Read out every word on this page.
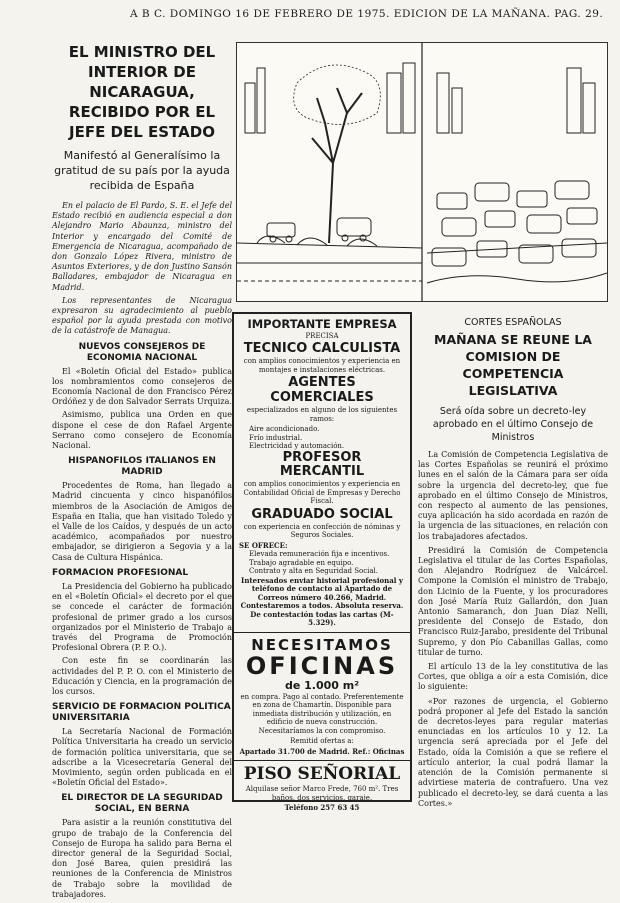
A B C. DOMINGO 16 DE FEBRERO DE 1975. EDICION DE LA MAÑANA. PAG. 29.
EL MINISTRO DEL INTERIOR DE NICARAGUA, RECIBIDO POR EL JEFE DEL ESTADO

Manifestó al Generalísimo la gratitud de su país por la ayuda recibida de España

En el palacio de El Pardo, S. E. el Jefe del Estado recibió en audiencia especial a don Alejandro Mario Abaunza, ministro del Interior y encargado del Comité de Emergencia de Nicaragua, acompañado de don Gonzalo López Rivera, ministro de Asuntos Exteriores, y de don Justino Sansón Balladares, embajador de Nicaragua en Madrid.

Los representantes de Nicaragua expresaron su agradecimiento al pueblo español por la ayuda prestada con motivo de la catástrofe de Managua.

NUEVOS CONSEJEROS DE ECONOMIA NACIONAL

El «Boletín Oficial del Estado» publica los nombramientos como consejeros de Economía Nacional de don Francisco Pérez Ordóñez y de don Salvador Serrats Urquiza.

Asimismo, publica una Orden en que dispone el cese de don Rafael Argente Serrano como consejero de Economía Nacional.

HISPANOFILOS ITALIANOS EN MADRID

Procedentes de Roma, han llegado a Madrid cincuenta y cinco hispanófilos miembros de la Asociación de Amigos de España en Italia, que han visitado Toledo y el Valle de los Caídos, y después de un acto académico, acompañados por nuestro embajador, se dirigieron a Segovia y a la Casa de Cultura Hispánica.

FORMACION PROFESIONAL

La Presidencia del Gobierno ha publicado en el «Boletín Oficial» el decreto por el que se concede el carácter de formación profesional de primer grado a los cursos organizados por el Ministerio de Trabajo a través del Programa de Promoción Profesional Obrera (P. P. O.).

Con este fin se coordinarán las actividades del P. P. O. con el Ministerio de Educación y Ciencia, en la programación de los cursos.

SERVICIO DE FORMACION POLITICA UNIVERSITARIA

La Secretaría Nacional de Formación Política Universitaria ha creado un servicio de formación política universitaria, que se adscribe a la Vicesecretaría General del Movimiento, según orden publicada en el «Boletín Oficial del Estado».

EL DIRECTOR DE LA SEGURIDAD SOCIAL, EN BERNA

Para asistir a la reunión constitutiva del grupo de trabajo de la Conferencia del Consejo de Europa ha salido para Berna el director general de la Seguridad Social, don José Barea, quien presidirá las reuniones de la Conferencia de Ministros de Trabajo sobre la movilidad de trabajadores.

IMPORTANTE EMPRESA

PRECISA

TECNICO CALCULISTA

con amplios conocimientos y experiencia en montajes e instalaciones eléctricas.

AGENTES COMERCIALES

especializados en alguno de los siguientes ramos:

Aire acondicionado.

Frío industrial.

Electricidad y automación.

PROFESOR MERCANTIL

con amplios conocimientos y experiencia en Contabilidad Oficial de Empresas y Derecho Fiscal.

GRADUADO SOCIAL

con experiencia en confección de nóminas y Seguros Sociales.

SE OFRECE:

Elevada remuneración fija e incentivos.

Trabajo agradable en equipo.

Contrato y alta en Seguridad Social.

Interesados enviar historial profesional y teléfono de contacto al Apartado de Correos número 40.266, Madrid. Contestaremos a todos. Absoluta reserva. De contestación todas las cartas (M-5.329).

NECESITAMOS

OFICINAS

de 1.000 m²

en compra. Pago al contado. Preferentemente en zona de Chamartín. Disponible para inmediata distribución y utilización, en edificio de nueva construcción. Necesitaríamos la con compromiso.

Remitid ofertas a:

Apartado 31.700 de Madrid. Ref.: Oficinas

PISO SEÑORIAL

Alquilase señor Marco Frede, 760 m². Tres baños, dos servicios, garaje.

Teléfono 257 63 45

CORTES ESPAÑOLAS

MAÑANA SE REUNE LA COMISION DE COMPETENCIA LEGISLATIVA

Será oída sobre un decreto-ley aprobado en el último Consejo de Ministros

La Comisión de Competencia Legislativa de las Cortes Españolas se reunirá el próximo lunes en el salón de la Cámara para ser oída sobre la urgencia del decreto-ley, que fue aprobado en el último Consejo de Ministros, con respecto al aumento de las pensiones, cuya aplicación ha sido acordada en razón de la urgencia de las situaciones, en relación con los trabajadores afectados.

Presidirá la Comisión de Competencia Legislativa el titular de las Cortes Españolas, don Alejandro Rodríguez de Valcárcel. Compone la Comisión el ministro de Trabajo, don Licinio de la Fuente, y los procuradores don José María Ruiz Gallardón, don Juan Antonio Samaranch, don Juan Díaz Nelli, presidente del Consejo de Estado, don Francisco Ruiz-Jarabo, presidente del Tribunal Supremo, y don Pío Cabanillas Gallas, como titular de turno.

El artículo 13 de la ley constitutiva de las Cortes, que obliga a oír a esta Comisión, dice lo siguiente:

«Por razones de urgencia, el Gobierno podrá proponer al Jefe del Estado la sanción de decretos-leyes para regular materias enunciadas en los artículos 10 y 12. La urgencia será apreciada por el Jefe del Estado, oída la Comisión a que se refiere el artículo anterior, la cual podrá llamar la atención de la Comisión permanente si advirtiese materia de contrafuero. Una vez publicado el decreto-ley, se dará cuenta a las Cortes.»
